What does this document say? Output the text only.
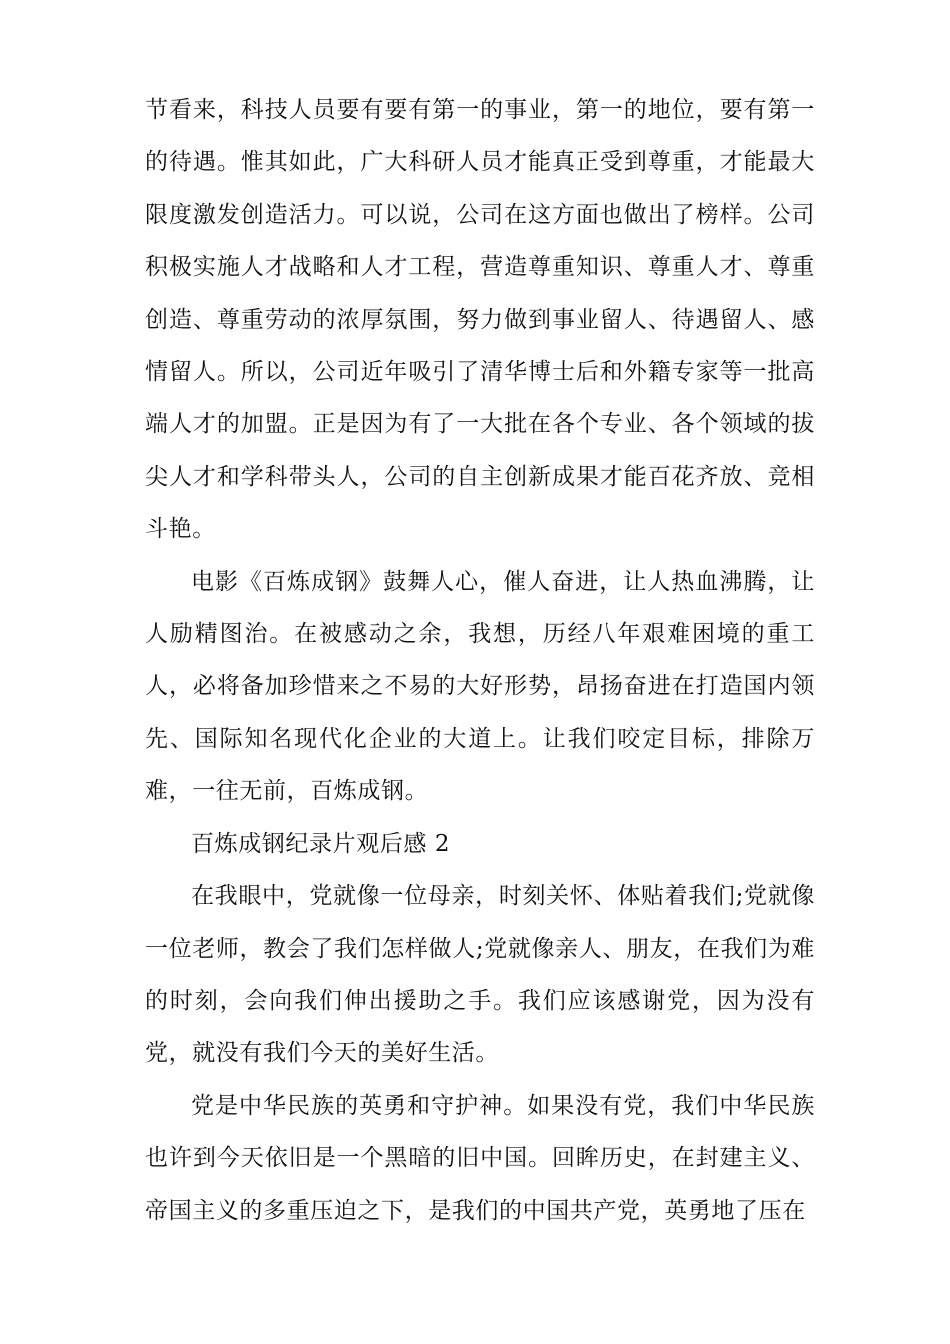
节看来，科技人员要有要有第一的事业，第一的地位，要有第一的待遇。惟其如此，广大科研人员才能真正受到尊重，才能最大限度激发创造活力。可以说，公司在这方面也做出了榜样。公司积极实施人才战略和人才工程，营造尊重知识、尊重人才、尊重创造、尊重劳动的浓厚氛围，努力做到事业留人、待遇留人、感情留人。所以，公司近年吸引了清华博士后和外籍专家等一批高端人才的加盟。正是因为有了一大批在各个专业、各个领域的拔尖人才和学科带头人，公司的自主创新成果才能百花齐放、竞相斗艳。

电影《百炼成钢》鼓舞人心，催人奋进，让人热血沸腾，让人励精图治。在被感动之余，我想，历经八年艰难困境的重工人，必将备加珍惜来之不易的大好形势，昂扬奋进在打造国内领先、国际知名现代化企业的大道上。让我们咬定目标，排除万难，一往无前，百炼成钢。

百炼成钢纪录片观后感 2

在我眼中，党就像一位母亲，时刻关怀、体贴着我们;党就像一位老师，教会了我们怎样做人;党就像亲人、朋友，在我们为难的时刻，会向我们伸出援助之手。我们应该感谢党，因为没有党，就没有我们今天的美好生活。

党是中华民族的英勇和守护神。如果没有党，我们中华民族也许到今天依旧是一个黑暗的旧中国。回眸历史，在封建主义、帝国主义的多重压迫之下，是我们的中国共产党，英勇地了压在
